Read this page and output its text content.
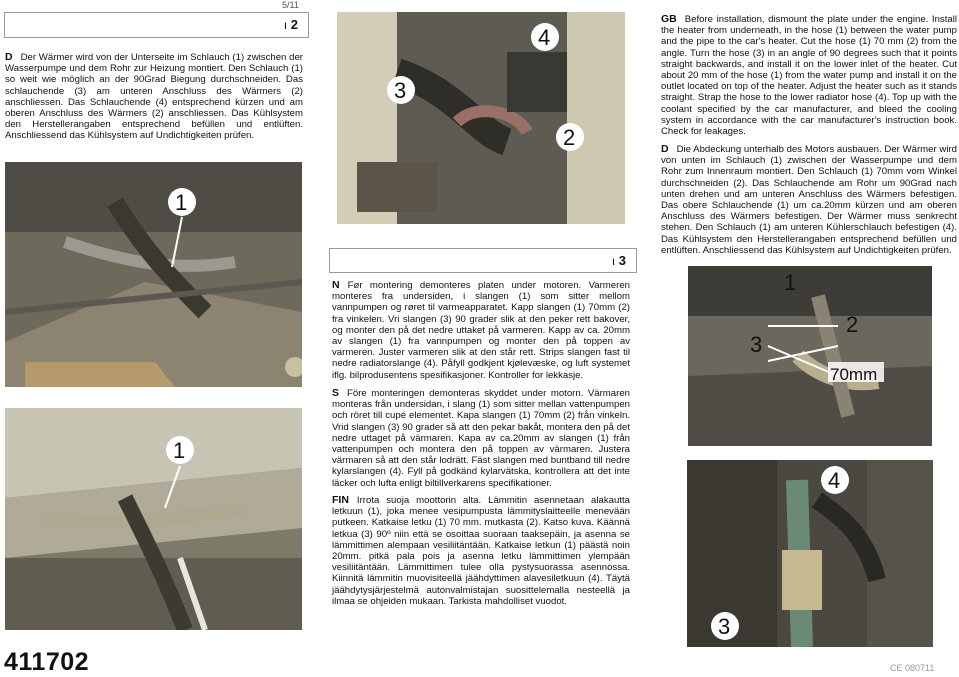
5/11
ι 2
D Der Wärmer wird von der Unterseite im Schlauch (1) zwischen der Wasserpumpe und dem Rohr zur Heizung montiert. Den Schlauch (1) so weit wie möglich an der 90Grad Biegung durchschneiden. Das schlauchende (3) am unteren Anschluss des Wärmers (2) anschliessen. Das Schlauchende (4) entsprechend kürzen und am oberen Anschluss des Wärmers (2) anschliessen. Das Kühlsystem den Herstellerangaben entsprechend befüllen und entlüften. Anschliessend das Kühlsystem auf Undichtigkeiten prüfen.
1
1
4
3
2
ι 3
N Før montering demonteres platen under motoren. Varmeren monteres fra undersiden, i slangen (1) som sitter mellom vannpumpen og røret til varmeapparatet. Kapp slangen (1) 70mm (2) fra vinkelen. Vri slangen (3) 90 grader slik at den peker rett bakover, og monter den på det nedre uttaket på varmeren. Kapp av ca. 20mm av slangen (1) fra vannpumpen og monter den på toppen av varmeren. Juster varmeren slik at den står rett. Strips slangen fast til nedre radiatorslange (4). Påfyll godkjent kjølevæske, og luft systemet iflg. bilprodusentens spesifikasjoner. Kontroller for lekkasje.
S Före monteringen demonteras skyddet under motorn. Värmaren monteras från undersidan, i slang (1) som sitter mellan vattenpumpen och röret till cupé elementet. Kapa slangen (1) 70mm (2) från vinkeln. Vrid slangen (3) 90 grader så att den pekar bakåt, montera den på det nedre uttaget på värmaren. Kapa av ca.20mm av slangen (1) från vattenpumpen och montera den på toppen av värmaren. Justera värmaren så att den står lodrätt. Fäst slangen med buntband till nedre kylarslangen (4). Fyll på godkänd kylarvätska, kontrollera att det inte läcker och lufta enligt biltillverkarens specifikationer.
FIN Irrota suoja moottorin alta. Lämmitin asennetaan alakautta letkuun (1), joka menee vesipumpusta lämmityslaitteelle menevään putkeen. Katkaise letku (1) 70 mm. mutkasta (2). Katso kuva. Käännä letkua (3) 90º niin että se osoittaa suoraan taaksepäin, ja asenna se lämmittimen alempaan vesiliitäntään. Katkaise letkun (1) päästä noin 20mm. pitkä pala pois ja asenna letku lämmittimen ylempään vesiliitäntään. Lämmittimen tulee olla pystysuorassa asennossa. Kiinnitä lämmitin muovisiteellä jäähdyttimen alavesiletkuun (4). Täytä jäähdytysjärjestelmä autonvalmistajan suosittelemalla nesteellä ja ilmaa se ohjeiden mukaan. Tarkista mahdolliset vuodot.
GB Before installation, dismount the plate under the engine. Install the heater from underneath, in the hose (1) between the water pump and the pipe to the car's heater. Cut the hose (1) 70 mm (2) from the angle. Turn the hose (3) in an angle of 90 degrees such that it points straight backwards, and install it on the lower inlet of the heater. Cut about 20 mm of the hose (1) from the water pump and install it on the outlet located on top of the heater. Adjust the heater such as it stands straight. Strap the hose to the lower radiator hose (4). Top up with the coolant specified by the car manufacturer, and bleed the cooling system in accordance with the car manufacturer's instruction book. Check for leakages.
D Die Abdeckung unterhalb des Motors ausbauen. Der Wärmer wird von unten im Schlauch (1) zwischen der Wasserpumpe und dem Rohr zum Innenraum montiert. Den Schlauch (1) 70mm vom Winkel durchschneiden (2). Das Schlauchende am Rohr um 90Grad nach unten drehen und am unteren Anschluss des Wärmers befestigen. Das obere Schlauchende (1) um ca.20mm kürzen und am oberen Anschluss des Wärmers befestigen. Der Wärmer muss senkrecht stehen. Den Schlauch (1) am unteren Kühlerschlauch befestigen (4). Das Kühlsystem den Herstellerangaben entsprechend befüllen und entlüften. Anschliessend das Kühlsystem auf Undichtigkeiten prüfen.
1
2
3
70mm
4
3
411702	CE 080711
